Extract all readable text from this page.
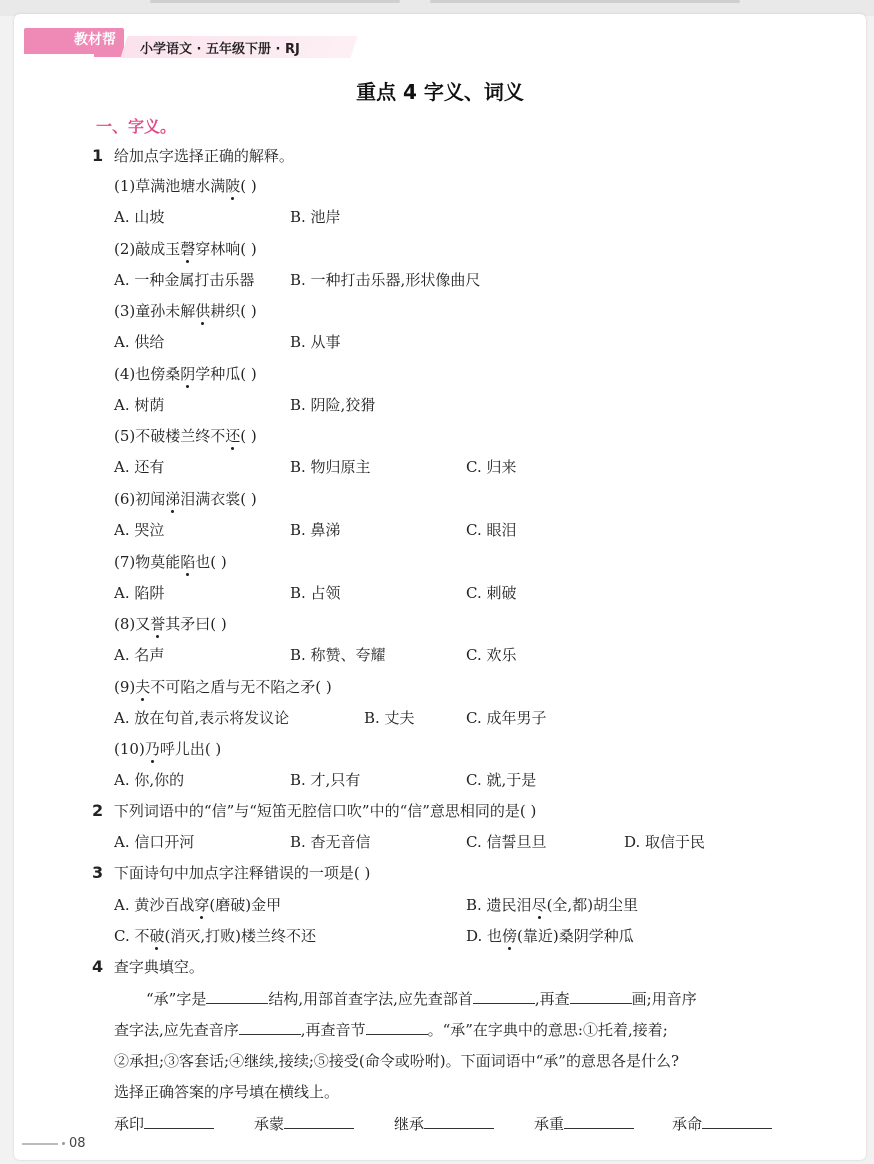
教材帮
小学语文 · 五年级下册 · RJ
重点 4 字义、词义
一、字义。
1 给加点字选择正确的解释。
(1)草满池塘水满陂( )
A. 山坡	B. 池岸
(2)敲成玉磬穿林响( )
A. 一种金属打击乐器 B. 一种打击乐器,形状像曲尺
(3)童孙未解供耕织( )
A. 供给	B. 从事
(4)也傍桑阴学种瓜( )
A. 树荫	B. 阴险,狡猾
(5)不破楼兰终不还( )
A. 还有	B. 物归原主	C. 归来
(6)初闻涕泪满衣裳( )
A. 哭泣	B. 鼻涕	C. 眼泪
(7)物莫能陷也( )
A. 陷阱	B. 占领	C. 刺破
(8)又誉其矛曰( )
A. 名声	B. 称赞、夸耀	C. 欢乐
(9)夫不可陷之盾与无不陷之矛( )
A. 放在句首,表示将发议论	B. 丈夫	C. 成年男子
(10)乃呼儿出( )
A. 你,你的	B. 才,只有	C. 就,于是
2 下列词语中的“信”与“短笛无腔信口吹”中的“信”意思相同的是( )
A. 信口开河	B. 杳无音信	C. 信誓旦旦	D. 取信于民
3 下面诗句中加点字注释错误的一项是( )
A. 黄沙百战穿(磨破)金甲	B. 遗民泪尽(全,都)胡尘里
C. 不破(消灭,打败)楼兰终不还	D. 也傍(靠近)桑阴学种瓜
4 查字典填空。
“承”字是	结构,用部首查字法,应先查部首	,再查	画;用音序
查字法,应先查音序	,再查音节	。“承”在字典中的意思:①托着,接着;
②承担;③客套话;④继续,接续;⑤接受(命令或吩咐)。下面词语中“承”的意思各是什么?
选择正确答案的序号填在横线上。
承印	承蒙	继承	承重	承命
08
